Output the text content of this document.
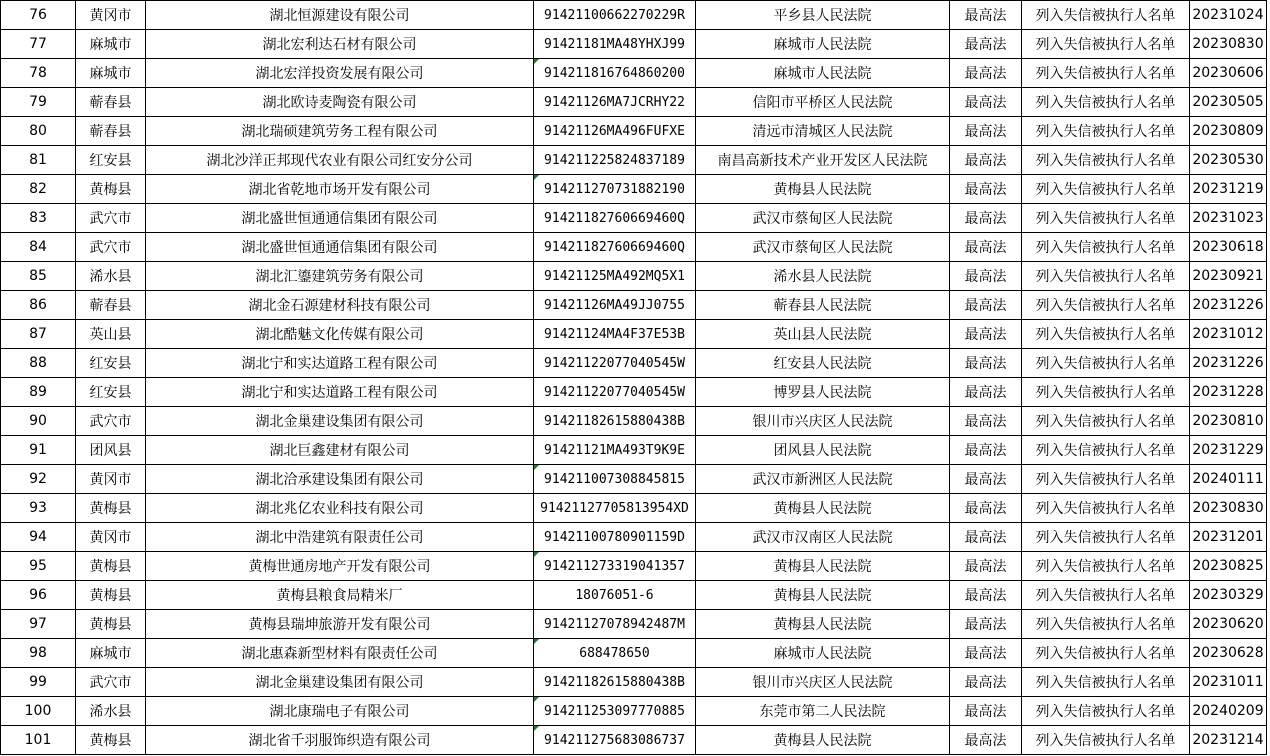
76	黄冈市	湖北恒源建设有限公司	91421100662270229R	平乡县人民法院	最高法	列入失信被执行人名单	20231024
77	麻城市	湖北宏利达石材有限公司	91421181MA48YHXJ99	麻城市人民法院	最高法	列入失信被执行人名单	20230830
78	麻城市	湖北宏洋投资发展有限公司	914211816764860200	麻城市人民法院	最高法	列入失信被执行人名单	20230606
79	蕲春县	湖北欧诗麦陶瓷有限公司	91421126MA7JCRHY22	信阳市平桥区人民法院	最高法	列入失信被执行人名单	20230505
80	蕲春县	湖北瑞硕建筑劳务工程有限公司	91421126MA496FUFXE	清远市清城区人民法院	最高法	列入失信被执行人名单	20230809
81	红安县	湖北沙洋正邦现代农业有限公司红安分公司	914211225824837189	南昌高新技术产业开发区人民法院	最高法	列入失信被执行人名单	20230530
82	黄梅县	湖北省乾地市场开发有限公司	914211270731882190	黄梅县人民法院	最高法	列入失信被执行人名单	20231219
83	武穴市	湖北盛世恒通通信集团有限公司	91421182760669460Q	武汉市蔡甸区人民法院	最高法	列入失信被执行人名单	20231023
84	武穴市	湖北盛世恒通通信集团有限公司	91421182760669460Q	武汉市蔡甸区人民法院	最高法	列入失信被执行人名单	20230618
85	浠水县	湖北汇鎏建筑劳务有限公司	91421125MA492MQ5X1	浠水县人民法院	最高法	列入失信被执行人名单	20230921
86	蕲春县	湖北金石源建材科技有限公司	91421126MA49JJ0755	蕲春县人民法院	最高法	列入失信被执行人名单	20231226
87	英山县	湖北酷魅文化传媒有限公司	91421124MA4F37E53B	英山县人民法院	最高法	列入失信被执行人名单	20231012
88	红安县	湖北宁和实达道路工程有限公司	91421122077040545W	红安县人民法院	最高法	列入失信被执行人名单	20231226
89	红安县	湖北宁和实达道路工程有限公司	91421122077040545W	博罗县人民法院	最高法	列入失信被执行人名单	20231228
90	武穴市	湖北金巢建设集团有限公司	91421182615880438B	银川市兴庆区人民法院	最高法	列入失信被执行人名单	20230810
91	团风县	湖北巨鑫建材有限公司	91421121MA493T9K9E	团风县人民法院	最高法	列入失信被执行人名单	20231229
92	黄冈市	湖北洽承建设集团有限公司	914211007308845815	武汉市新洲区人民法院	最高法	列入失信被执行人名单	20240111
93	黄梅县	湖北兆亿农业科技有限公司	91421127705813954XD	黄梅县人民法院	最高法	列入失信被执行人名单	20230830
94	黄冈市	湖北中浩建筑有限责任公司	91421100780901159D	武汉市汉南区人民法院	最高法	列入失信被执行人名单	20231201
95	黄梅县	黄梅世通房地产开发有限公司	914211273319041357	黄梅县人民法院	最高法	列入失信被执行人名单	20230825
96	黄梅县	黄梅县粮食局精米厂	18076051-6	黄梅县人民法院	最高法	列入失信被执行人名单	20230329
97	黄梅县	黄梅县瑞坤旅游开发有限公司	91421127078942487M	黄梅县人民法院	最高法	列入失信被执行人名单	20230620
98	麻城市	湖北惠森新型材料有限责任公司	688478650	麻城市人民法院	最高法	列入失信被执行人名单	20230628
99	武穴市	湖北金巢建设集团有限公司	91421182615880438B	银川市兴庆区人民法院	最高法	列入失信被执行人名单	20231011
100	浠水县	湖北康瑞电子有限公司	914211253097770885	东莞市第二人民法院	最高法	列入失信被执行人名单	20240209
101	黄梅县	湖北省千羽服饰织造有限公司	914211275683086737	黄梅县人民法院	最高法	列入失信被执行人名单	20231214
